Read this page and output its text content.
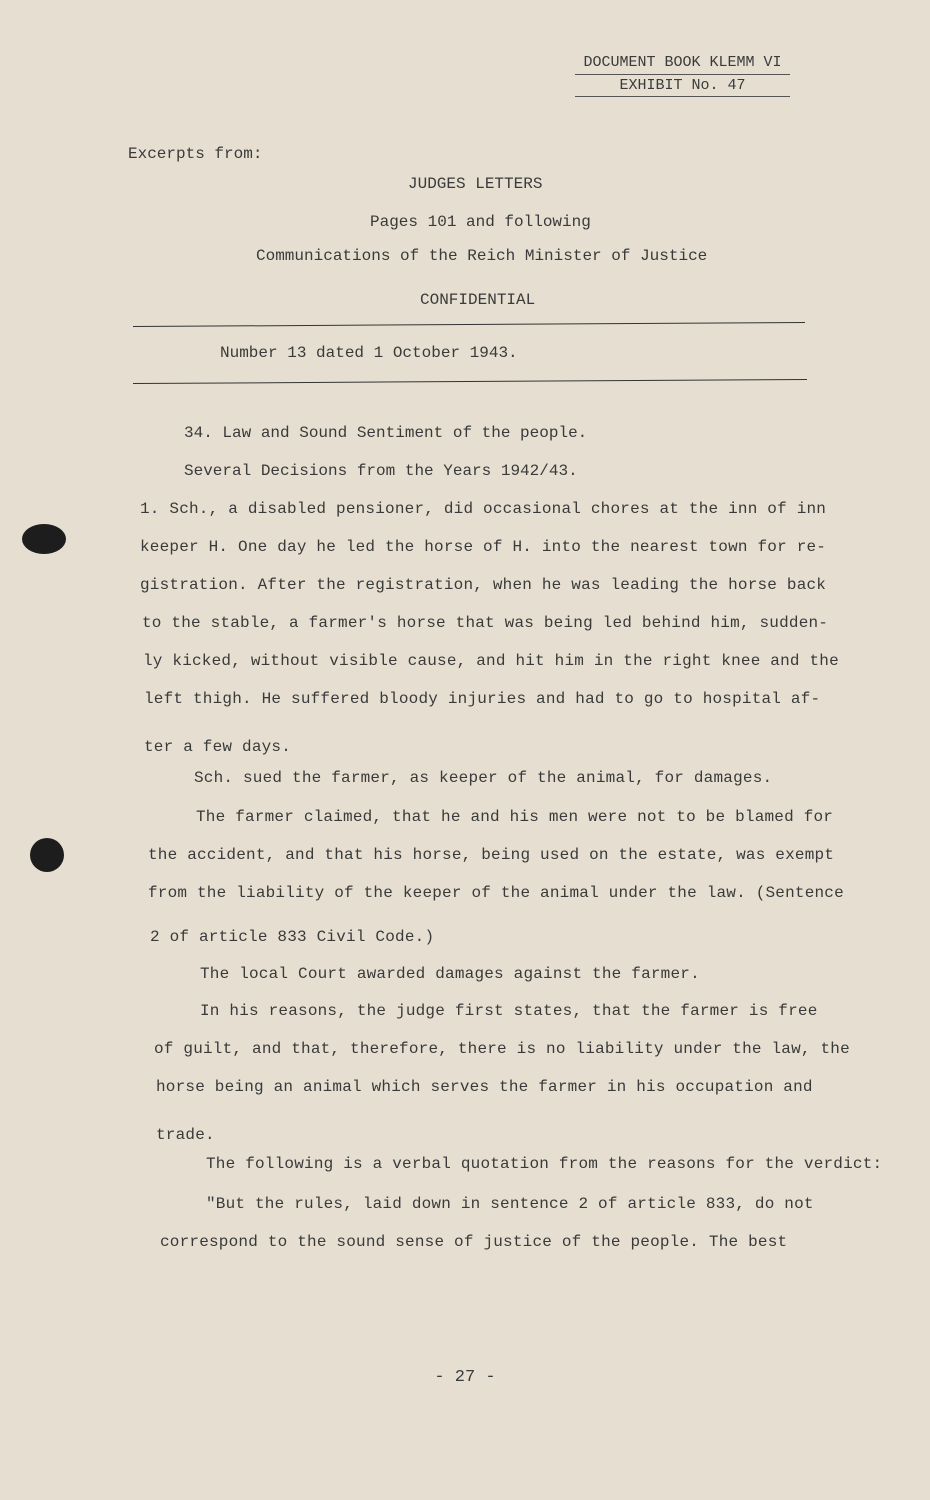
DOCUMENT BOOK KLEMM VI
EXHIBIT No. 47
Excerpts from:
JUDGES LETTERS
Pages 101 and following
Communications of the Reich Minister of Justice
CONFIDENTIAL
Number 13 dated 1 October 1943.
34. Law and Sound Sentiment of the people.
Several Decisions from the Years 1942/43.
1. Sch., a disabled pensioner, did occasional chores at the inn of inn
keeper H. One day he led the horse of H. into the nearest town for re-
gistration. After the registration, when he was leading the horse back
to the stable, a farmer's horse that was being led behind him, sudden-
ly kicked, without visible cause, and hit him in the right knee and the
left thigh. He suffered bloody injuries and had to go to hospital af-
ter a few days.
Sch. sued the farmer, as keeper of the animal, for damages.
The farmer claimed, that he and his men were not to be blamed for
the accident, and that his horse, being used on the estate, was exempt
from the liability of the keeper of the animal under the law. (Sentence
2 of article 833 Civil Code.)
The local Court awarded damages against the farmer.
In his reasons, the judge first states, that the farmer is free
of guilt, and that, therefore, there is no liability under the law, the
horse being an animal which serves the farmer in his occupation and
trade.
The following is a verbal quotation from the reasons for the verdict:
"But the rules, laid down in sentence 2 of article 833, do not
correspond to the sound sense of justice of the people. The best
- 27 -
